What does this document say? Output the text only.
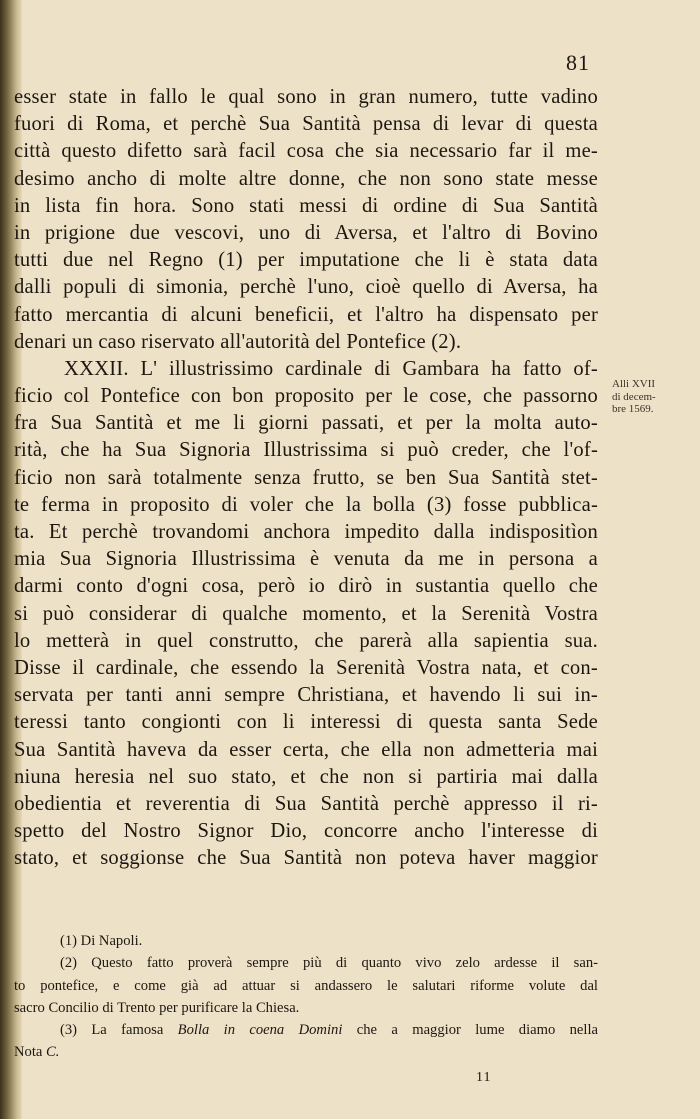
81
esser state in fallo le qual sono in gran numero, tutte vadino
fuori di Roma, et perchè Sua Santità pensa di levar di questa
città questo difetto sarà facil cosa che sia necessario far il me-
desimo ancho di molte altre donne, che non sono state messe
in lista fin hora. Sono stati messi di ordine di Sua Santità
in prigione due vescovi, uno di Aversa, et l'altro di Bovino
tutti due nel Regno (1) per imputatione che li è stata data
dalli populi di simonia, perchè l'uno, cioè quello di Aversa, ha
fatto mercantia di alcuni beneficii, et l'altro ha dispensato per
denari un caso riservato all'autorità del Pontefice (2).
XXXII. L' illustrissimo cardinale di Gambara ha fatto of-
ficio col Pontefice con bon proposito per le cose, che passorno
fra Sua Santità et me li giorni passati, et per la molta auto-
rità, che ha Sua Signoria Illustrissima si può creder, che l'of-
ficio non sarà totalmente senza frutto, se ben Sua Santità stet-
te ferma in proposito di voler che la bolla (3) fosse pubblica-
ta. Et perchè trovandomi anchora impedito dalla indispositìon
mia Sua Signoria Illustrissima è venuta da me in persona a
darmi conto d'ogni cosa, però io dirò in sustantia quello che
si può considerar di qualche momento, et la Serenità Vostra
lo metterà in quel construtto, che parerà alla sapientia sua.
Disse il cardinale, che essendo la Serenità Vostra nata, et con-
servata per tanti anni sempre Christiana, et havendo li sui in-
teressi tanto congionti con li interessi di questa santa Sede
Sua Santità haveva da esser certa, che ella non admetteria mai
niuna heresia nel suo stato, et che non si partiria mai dalla
obedientia et reverentia di Sua Santità perchè appresso il ri-
spetto del Nostro Signor Dio, concorre ancho l'interesse di
stato, et soggionse che Sua Santità non poteva haver maggior
Alli XVII
di decem-
bre 1569.
(1) Di Napoli.
(2) Questo fatto proverà sempre più di quanto vivo zelo ardesse il san-
to pontefice, e come già ad attuar si andassero le salutari riforme volute dal
sacro Concilio di Trento per purificare la Chiesa.
(3) La famosa Bolla in coena Domini che a maggior lume diamo nella
Nota C.
11
